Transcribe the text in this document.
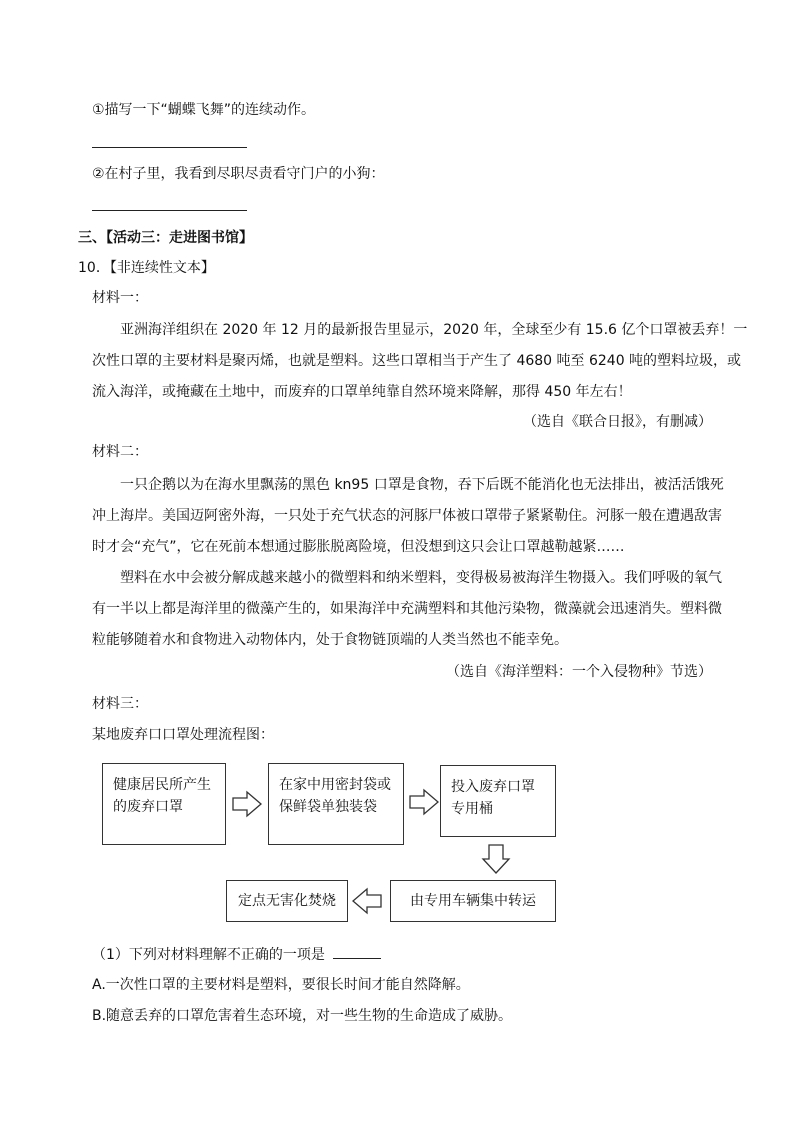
①描写一下“蝴蝶飞舞”的连续动作。
②在村子里，我看到尽职尽责看守门户的小狗：
三、【活动三：走进图书馆】
10．【非连续性文本】
材料一：
亚洲海洋组织在 2020 年 12 月的最新报告里显示，2020 年，全球至少有 15.6 亿个口罩被丢弃！一
次性口罩的主要材料是聚丙烯，也就是塑料。这些口罩相当于产生了 4680 吨至 6240 吨的塑料垃圾，或
流入海洋，或掩藏在土地中，而废弃的口罩单纯靠自然环境来降解，那得 450 年左右！
（选自《联合日报》，有删减）
材料二：
一只企鹅以为在海水里飘荡的黑色 kn95 口罩是食物，吞下后既不能消化也无法排出，被活活饿死
冲上海岸。美国迈阿密外海，一只处于充气状态的河豚尸体被口罩带子紧紧勒住。河豚一般在遭遇敌害
时才会“充气”，它在死前本想通过膨胀脱离险境，但没想到这只会让口罩越勒越紧……
塑料在水中会被分解成越来越小的微塑料和纳米塑料，变得极易被海洋生物摄入。我们呼吸的氧气
有一半以上都是海洋里的微藻产生的，如果海洋中充满塑料和其他污染物，微藻就会迅速消失。塑料微
粒能够随着水和食物进入动物体内，处于食物链顶端的人类当然也不能幸免。
（选自《海洋塑料：一个入侵物种》节选）
材料三：
某地废弃口口罩处理流程图：
健康居民所产生的废弃口罩
在家中用密封袋或保鲜袋单独装袋
投入废弃口罩专用桶
由专用车辆集中转运
定点无害化焚烧
（1）下列对材料理解不正确的一项是
A.一次性口罩的主要材料是塑料，要很长时间才能自然降解。
B.随意丢弃的口罩危害着生态环境，对一些生物的生命造成了威胁。
